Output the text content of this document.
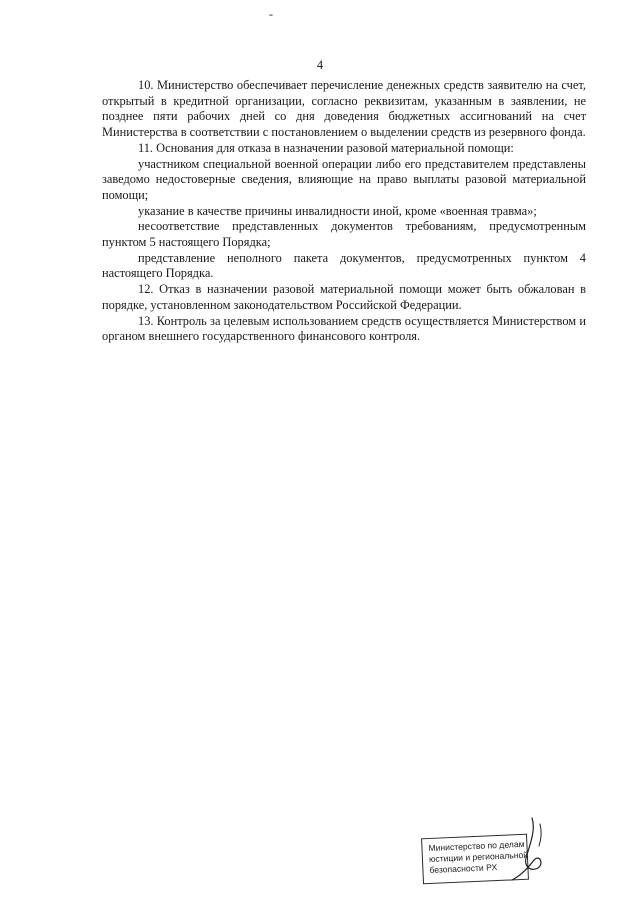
-
4

10. Министерство обеспечивает перечисление денежных средств заявителю на счет, открытый в кредитной организации, согласно реквизитам, указанным в заявлении, не позднее пяти рабочих дней со дня доведения бюджетных ассигнований на счет Министерства в соответствии с постановлением о выделении средств из резервного фонда.

11. Основания для отказа в назначении разовой материальной помощи:

участником специальной военной операции либо его представителем представлены заведомо недостоверные сведения, влияющие на право выплаты разовой материальной помощи;

указание в качестве причины инвалидности иной, кроме «военная травма»;

несоответствие представленных документов требованиям, предусмотренным пунктом 5 настоящего Порядка;

представление неполного пакета документов, предусмотренных пунктом 4 настоящего Порядка.

12. Отказ в назначении разовой материальной помощи может быть обжалован в порядке, установленном законодательством Российской Федерации.

13. Контроль за целевым использованием средств осуществляется Министерством и органом внешнего государственного финансового контроля.

Министерство по делам
юстиции и региональной
безопасности РХ
